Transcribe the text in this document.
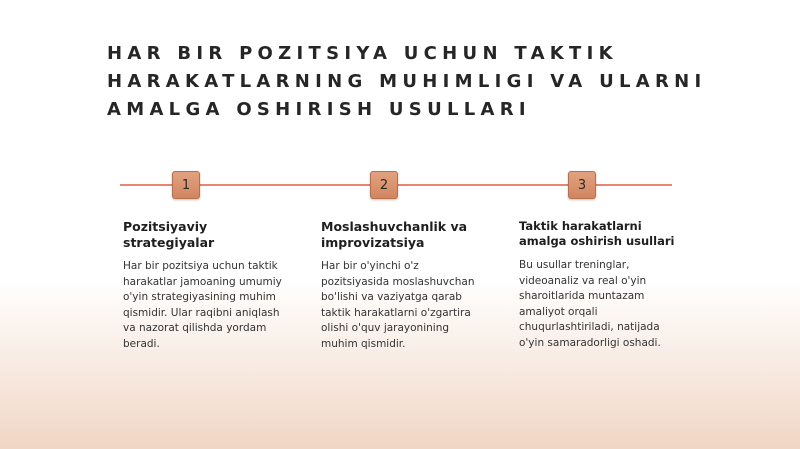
HAR BIR POZITSIYA UCHUN TAKTIK
HARAKATLARNING MUHIMLIGI VA ULARNI
AMALGA OSHIRISH USULLARI
1	2	3
Pozitsiyaviy
strategiyalar
Har bir pozitsiya uchun taktik
harakatlar jamoaning umumiy
o'yin strategiyasining muhim
qismidir. Ular raqibni aniqlash
va nazorat qilishda yordam
beradi.
Moslashuvchanlik va
improvizatsiya
Har bir o'yinchi o'z
pozitsiyasida moslashuvchan
bo'lishi va vaziyatga qarab
taktik harakatlarni o'zgartira
olishi o'quv jarayonining
muhim qismidir.
Taktik harakatlarni
amalga oshirish usullari
Bu usullar treninglar,
videoanaliz va real o'yin
sharoitlarida muntazam
amaliyot orqali
chuqurlashtiriladi, natijada
o'yin samaradorligi oshadi.
